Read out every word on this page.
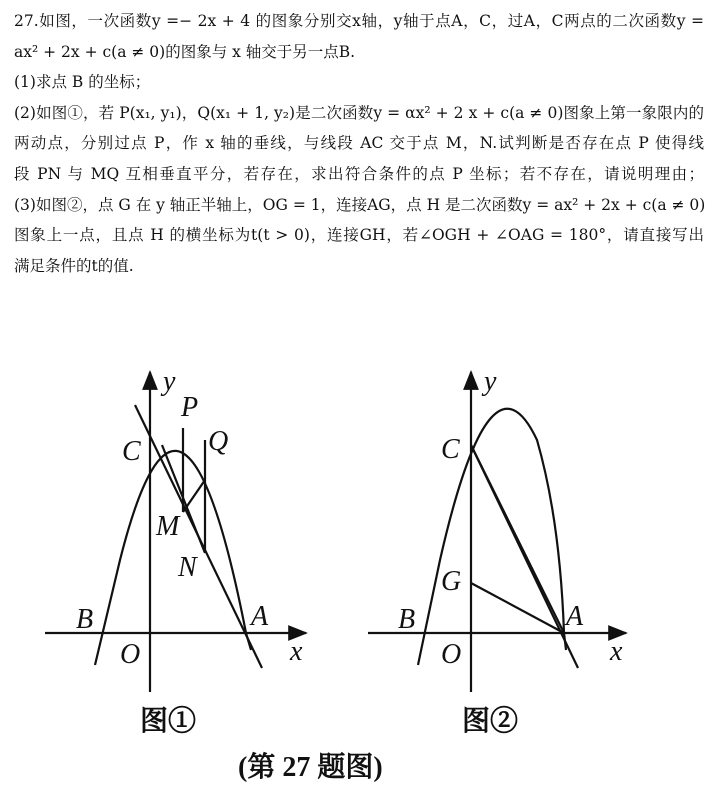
27.如图，一次函数y =− 2x + 4 的图象分别交x轴，y轴于点A，C，过A，C两点的二次函数y =
ax² + 2x + c(a ≠ 0)的图象与 x 轴交于另一点B.
(1)求点 B 的坐标；
(2)如图①，若 P(x₁, y₁)，Q(x₁ + 1, y₂)是二次函数y = αx² + 2 x + c(a ≠ 0)图象上第一象限内的
两动点，分别过点 P，作 x 轴的垂线，与线段 AC 交于点 M，N.试判断是否存在点 P 使得线
段 PN 与 MQ 互相垂直平分，若存在，求出符合条件的点 P 坐标；若不存在，请说明理由；
(3)如图②，点 G 在 y 轴正半轴上，OG = 1，连接AG，点 H 是二次函数y = ax² + 2x + c(a ≠ 0)
图象上一点，且点 H 的横坐标为t(t > 0)，连接GH，若∠OGH + ∠OAG = 180°，请直接写出
满足条件的t的值.
y
x
O
A
B
C
P
Q
M
N
图①
y
x
O
A
B
C
G
图②
(第 27 题图)
